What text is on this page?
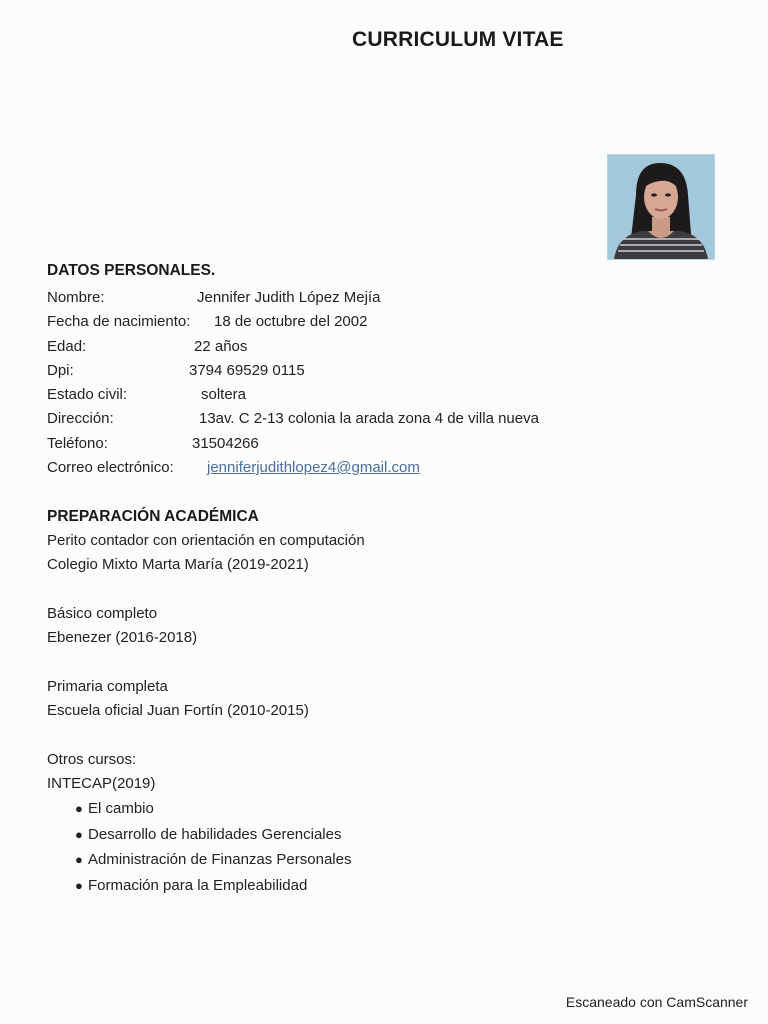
CURRICULUM VITAE
DATOS PERSONALES.
Nombre:	Jennifer Judith López Mejía
Fecha de nacimiento: 18 de octubre del 2002
Edad:	22 años
Dpi:	3794 69529 0115
Estado civil:	soltera
Dirección:	13av. C 2-13 colonia la arada zona 4 de villa nueva
Teléfono:	31504266
Correo electrónico: jenniferjudithlopez4@gmail.com
PREPARACIÓN ACADÉMICA
Perito contador con orientación en computación
Colegio Mixto Marta María (2019-2021)
Básico completo
Ebenezer (2016-2018)
Primaria completa
Escuela oficial Juan Fortín (2010-2015)
Otros cursos:
INTECAP(2019)
● El cambio
● Desarrollo de habilidades Gerenciales
● Administración de Finanzas Personales
● Formación para la Empleabilidad
Escaneado con CamScanner
